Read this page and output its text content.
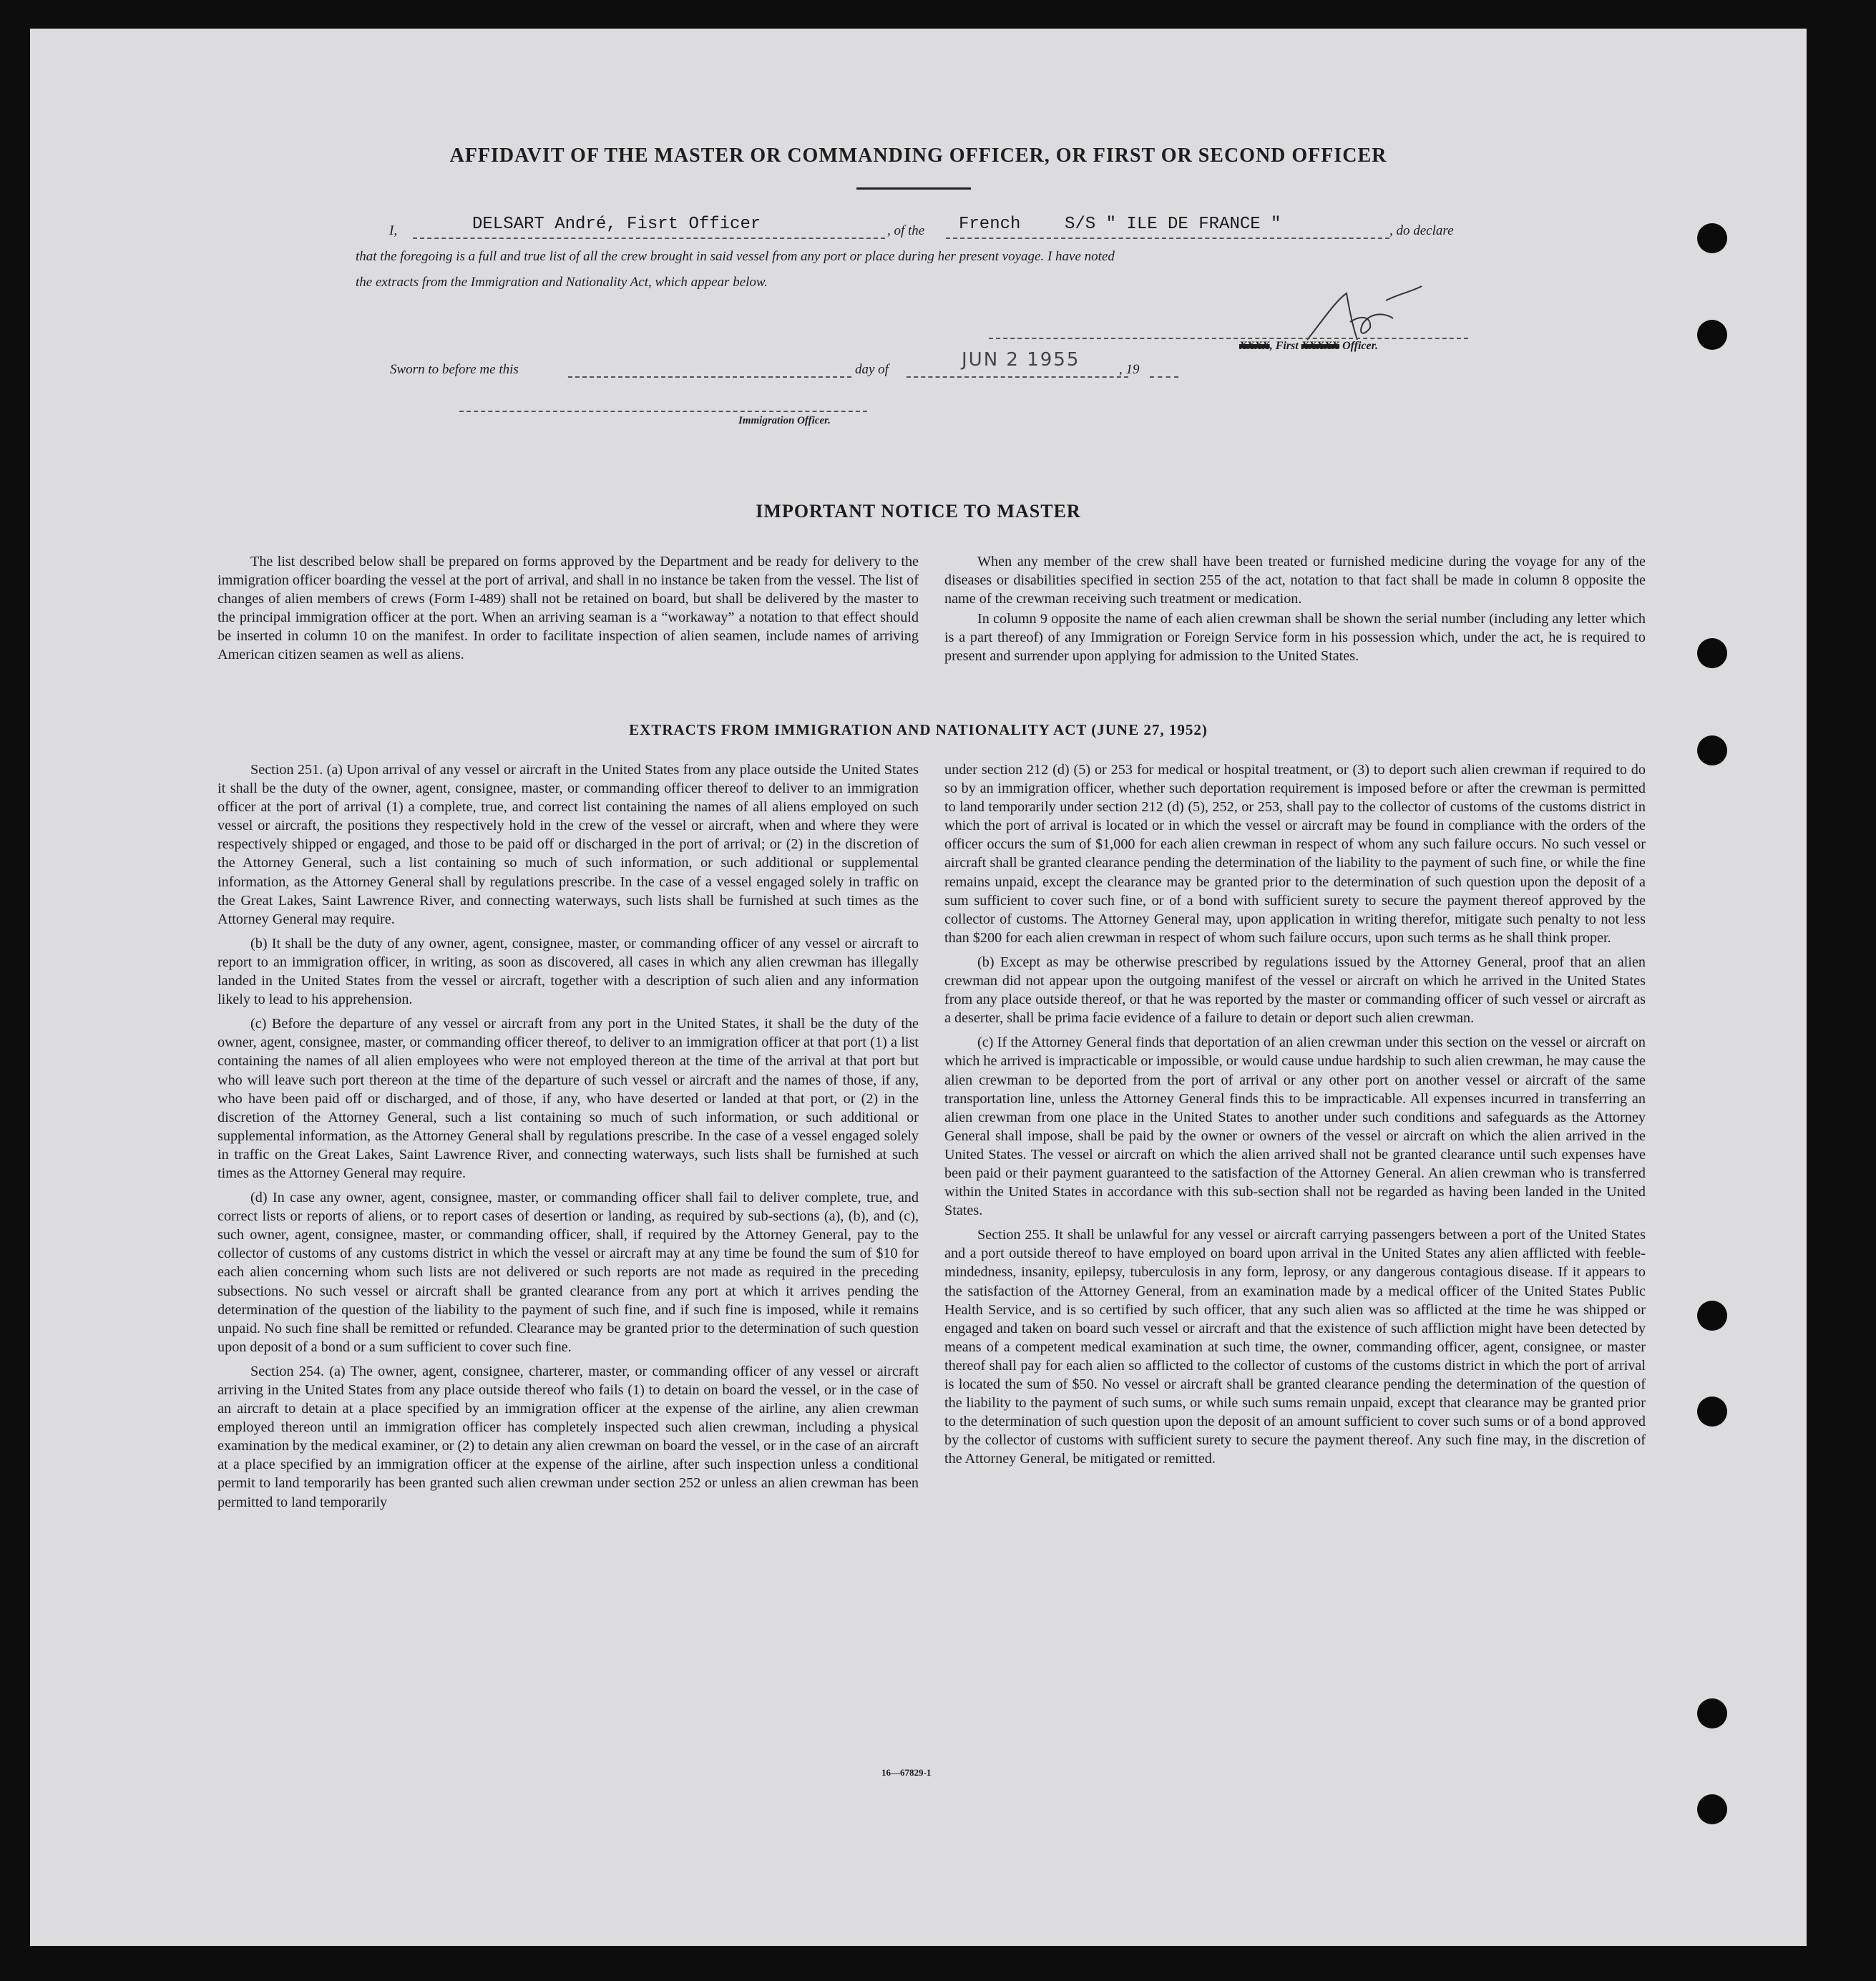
AFFIDAVIT OF THE MASTER OR COMMANDING OFFICER, OR FIRST OR SECOND OFFICER
I,	DELSART André, Fisrt Officer	, of the French	S/S " ILE DE FRANCE "	, do declare
that the foregoing is a full and true list of all the crew brought in said vessel from any port or place during her present voyage. I have noted
the extracts from the Immigration and Nationality Act, which appear below.
XXXX, First XXXXX Officer.
Sworn to before me this	day of	JUN 2 1955	, 19
Immigration Officer.
IMPORTANT NOTICE TO MASTER

The list described below shall be prepared on forms approved by the Department and be ready for delivery to the immigration officer boarding the vessel at the port of arrival, and shall in no instance be taken from the vessel. The list of changes of alien members of crews (Form I-489) shall not be retained on board, but shall be delivered by the master to the principal immigration officer at the port. When an arriving seaman is a “workaway” a notation to that effect should be inserted in column 10 on the manifest. In order to facilitate inspection of alien seamen, include names of arriving American citizen seamen as well as aliens.

When any member of the crew shall have been treated or furnished medicine during the voyage for any of the diseases or disabilities specified in section 255 of the act, notation to that fact shall be made in column 8 opposite the name of the crewman receiving such treatment or medication.

In column 9 opposite the name of each alien crewman shall be shown the serial number (including any letter which is a part thereof) of any Immigration or Foreign Service form in his possession which, under the act, he is required to present and surrender upon applying for admission to the United States.

EXTRACTS FROM IMMIGRATION AND NATIONALITY ACT (JUNE 27, 1952)

Section 251. (a) Upon arrival of any vessel or aircraft in the United States from any place outside the United States it shall be the duty of the owner, agent, consignee, master, or commanding officer thereof to deliver to an immigration officer at the port of arrival (1) a complete, true, and correct list containing the names of all aliens employed on such vessel or aircraft, the positions they respectively hold in the crew of the vessel or aircraft, when and where they were respectively shipped or engaged, and those to be paid off or discharged in the port of arrival; or (2) in the discretion of the Attorney General, such a list containing so much of such information, or such additional or supplemental information, as the Attorney General shall by regulations prescribe. In the case of a vessel engaged solely in traffic on the Great Lakes, Saint Lawrence River, and connecting waterways, such lists shall be furnished at such times as the Attorney General may require.

(b) It shall be the duty of any owner, agent, consignee, master, or commanding officer of any vessel or aircraft to report to an immigration officer, in writing, as soon as discovered, all cases in which any alien crewman has illegally landed in the United States from the vessel or aircraft, together with a description of such alien and any information likely to lead to his apprehension.

(c) Before the departure of any vessel or aircraft from any port in the United States, it shall be the duty of the owner, agent, consignee, master, or commanding officer thereof, to deliver to an immigration officer at that port (1) a list containing the names of all alien employees who were not employed thereon at the time of the arrival at that port but who will leave such port thereon at the time of the departure of such vessel or aircraft and the names of those, if any, who have been paid off or discharged, and of those, if any, who have deserted or landed at that port, or (2) in the discretion of the Attorney General, such a list containing so much of such information, or such additional or supplemental information, as the Attorney General shall by regulations prescribe. In the case of a vessel engaged solely in traffic on the Great Lakes, Saint Lawrence River, and connecting waterways, such lists shall be furnished at such times as the Attorney General may require.

(d) In case any owner, agent, consignee, master, or commanding officer shall fail to deliver complete, true, and correct lists or reports of aliens, or to report cases of desertion or landing, as required by sub-sections (a), (b), and (c), such owner, agent, consignee, master, or commanding officer, shall, if required by the Attorney General, pay to the collector of customs of any customs district in which the vessel or aircraft may at any time be found the sum of $10 for each alien concerning whom such lists are not delivered or such reports are not made as required in the preceding subsections. No such vessel or aircraft shall be granted clearance from any port at which it arrives pending the determination of the question of the liability to the payment of such fine, and if such fine is imposed, while it remains unpaid. No such fine shall be remitted or refunded. Clearance may be granted prior to the determination of such question upon deposit of a bond or a sum sufficient to cover such fine.

Section 254. (a) The owner, agent, consignee, charterer, master, or commanding officer of any vessel or aircraft arriving in the United States from any place outside thereof who fails (1) to detain on board the vessel, or in the case of an aircraft to detain at a place specified by an immigration officer at the expense of the airline, any alien crewman employed thereon until an immigration officer has completely inspected such alien crewman, including a physical examination by the medical examiner, or (2) to detain any alien crewman on board the vessel, or in the case of an aircraft at a place specified by an immigration officer at the expense of the airline, after such inspection unless a conditional permit to land temporarily has been granted such alien crewman under section 252 or unless an alien crewman has been permitted to land temporarily

under section 212 (d) (5) or 253 for medical or hospital treatment, or (3) to deport such alien crewman if required to do so by an immigration officer, whether such deportation requirement is imposed before or after the crewman is permitted to land temporarily under section 212 (d) (5), 252, or 253, shall pay to the collector of customs of the customs district in which the port of arrival is located or in which the vessel or aircraft may be found in compliance with the orders of the officer occurs the sum of $1,000 for each alien crewman in respect of whom any such failure occurs. No such vessel or aircraft shall be granted clearance pending the determination of the liability to the payment of such fine, or while the fine remains unpaid, except the clearance may be granted prior to the determination of such question upon the deposit of a sum sufficient to cover such fine, or of a bond with sufficient surety to secure the payment thereof approved by the collector of customs. The Attorney General may, upon application in writing therefor, mitigate such penalty to not less than $200 for each alien crewman in respect of whom such failure occurs, upon such terms as he shall think proper.

(b) Except as may be otherwise prescribed by regulations issued by the Attorney General, proof that an alien crewman did not appear upon the outgoing manifest of the vessel or aircraft on which he arrived in the United States from any place outside thereof, or that he was reported by the master or commanding officer of such vessel or aircraft as a deserter, shall be prima facie evidence of a failure to detain or deport such alien crewman.

(c) If the Attorney General finds that deportation of an alien crewman under this section on the vessel or aircraft on which he arrived is impracticable or impossible, or would cause undue hardship to such alien crewman, he may cause the alien crewman to be deported from the port of arrival or any other port on another vessel or aircraft of the same transportation line, unless the Attorney General finds this to be impracticable. All expenses incurred in transferring an alien crewman from one place in the United States to another under such conditions and safeguards as the Attorney General shall impose, shall be paid by the owner or owners of the vessel or aircraft on which the alien arrived in the United States. The vessel or aircraft on which the alien arrived shall not be granted clearance until such expenses have been paid or their payment guaranteed to the satisfaction of the Attorney General. An alien crewman who is transferred within the United States in accordance with this sub-section shall not be regarded as having been landed in the United States.

Section 255. It shall be unlawful for any vessel or aircraft carrying passengers between a port of the United States and a port outside thereof to have employed on board upon arrival in the United States any alien afflicted with feeble-mindedness, insanity, epilepsy, tuberculosis in any form, leprosy, or any dangerous contagious disease. If it appears to the satisfaction of the Attorney General, from an examination made by a medical officer of the United States Public Health Service, and is so certified by such officer, that any such alien was so afflicted at the time he was shipped or engaged and taken on board such vessel or aircraft and that the existence of such affliction might have been detected by means of a competent medical examination at such time, the owner, commanding officer, agent, consignee, or master thereof shall pay for each alien so afflicted to the collector of customs of the customs district in which the port of arrival is located the sum of $50. No vessel or aircraft shall be granted clearance pending the determination of the question of the liability to the payment of such sums, or while such sums remain unpaid, except that clearance may be granted prior to the determination of such question upon the deposit of an amount sufficient to cover such sums or of a bond approved by the collector of customs with sufficient surety to secure the payment thereof. Any such fine may, in the discretion of the Attorney General, be mitigated or remitted.

16—67829-1
